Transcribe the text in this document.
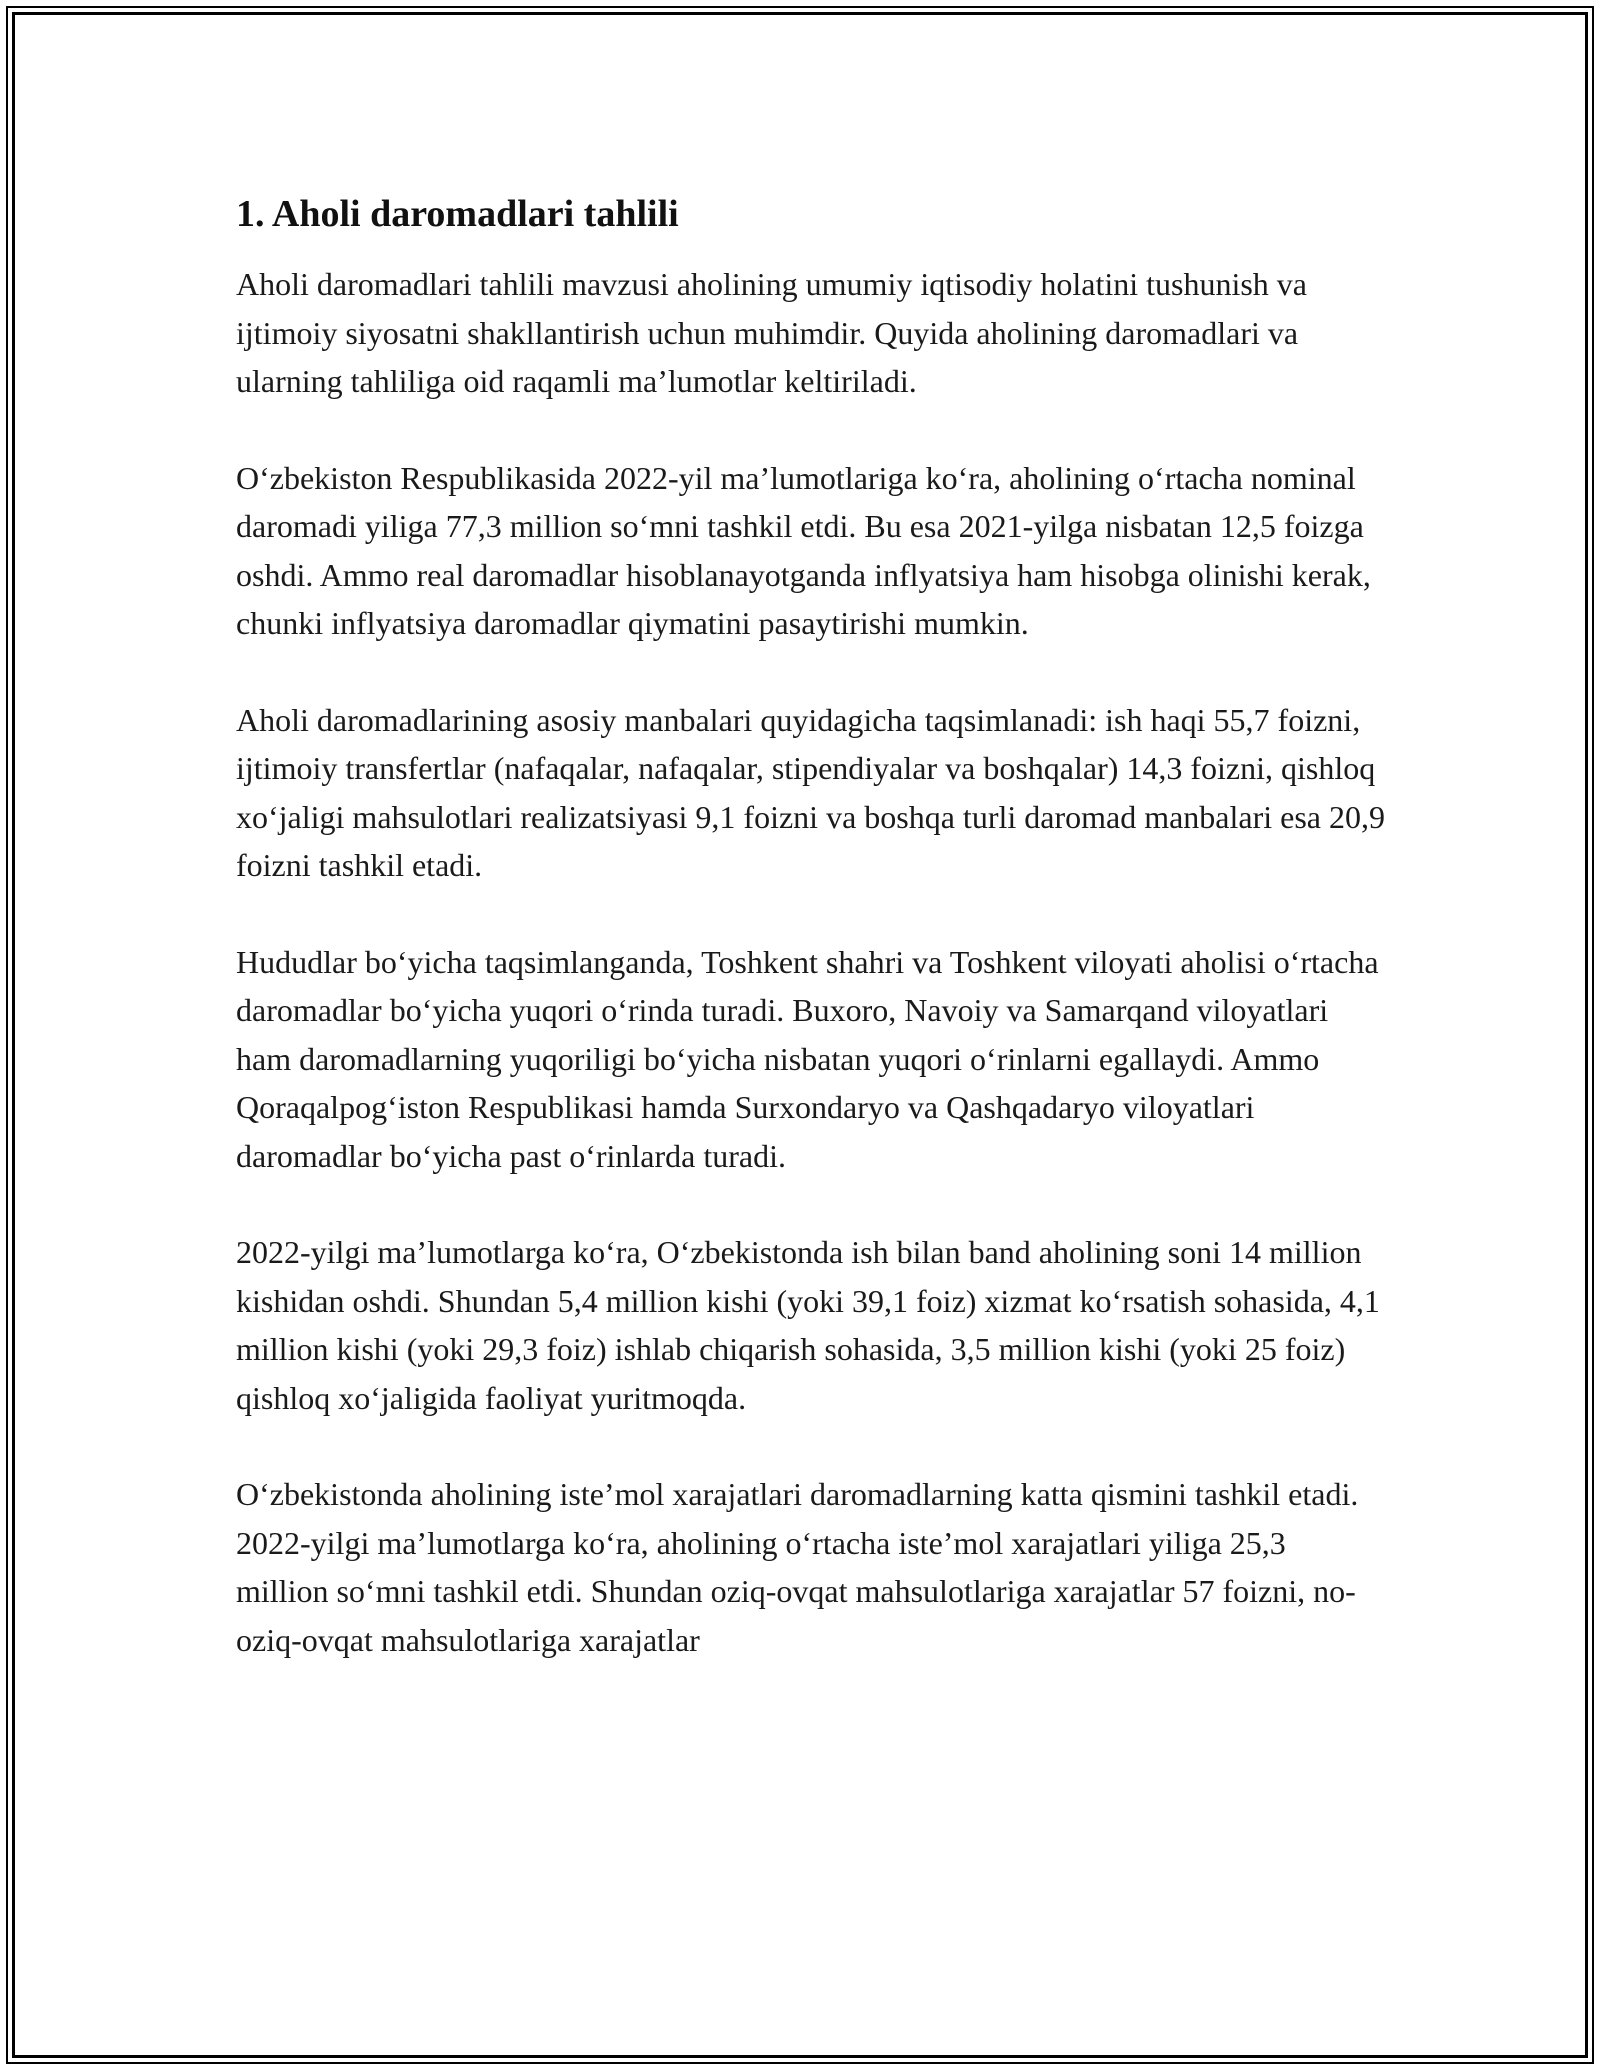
1. Aholi daromadlari tahlili

Aholi daromadlari tahlili mavzusi aholining umumiy iqtisodiy holatini tushunish va ijtimoiy siyosatni shakllantirish uchun muhimdir. Quyida aholining daromadlari va ularning tahliliga oid raqamli ma’lumotlar keltiriladi.

O‘zbekiston Respublikasida 2022-yil ma’lumotlariga ko‘ra, aholining o‘rtacha nominal daromadi yiliga 77,3 million so‘mni tashkil etdi. Bu esa 2021-yilga nisbatan 12,5 foizga oshdi. Ammo real daromadlar hisoblanayotganda inflyatsiya ham hisobga olinishi kerak, chunki inflyatsiya daromadlar qiymatini pasaytirishi mumkin.

Aholi daromadlarining asosiy manbalari quyidagicha taqsimlanadi: ish haqi 55,7 foizni, ijtimoiy transfertlar (nafaqalar, nafaqalar, stipendiyalar va boshqalar) 14,3 foizni, qishloq xo‘jaligi mahsulotlari realizatsiyasi 9,1 foizni va boshqa turli daromad manbalari esa 20,9 foizni tashkil etadi.

Hududlar bo‘yicha taqsimlanganda, Toshkent shahri va Toshkent viloyati aholisi o‘rtacha daromadlar bo‘yicha yuqori o‘rinda turadi. Buxoro, Navoiy va Samarqand viloyatlari ham daromadlarning yuqoriligi bo‘yicha nisbatan yuqori o‘rinlarni egallaydi. Ammo Qoraqalpog‘iston Respublikasi hamda Surxondaryo va Qashqadaryo viloyatlari daromadlar bo‘yicha past o‘rinlarda turadi.

2022-yilgi ma’lumotlarga ko‘ra, O‘zbekistonda ish bilan band aholining soni 14 million kishidan oshdi. Shundan 5,4 million kishi (yoki 39,1 foiz) xizmat ko‘rsatish sohasida, 4,1 million kishi (yoki 29,3 foiz) ishlab chiqarish sohasida, 3,5 million kishi (yoki 25 foiz) qishloq xo‘jaligida faoliyat yuritmoqda.

O‘zbekistonda aholining iste’mol xarajatlari daromadlarning katta qismini tashkil etadi. 2022-yilgi ma’lumotlarga ko‘ra, aholining o‘rtacha iste’mol xarajatlari yiliga 25,3 million so‘mni tashkil etdi. Shundan oziq-ovqat mahsulotlariga xarajatlar 57 foizni, no-oziq-ovqat mahsulotlariga xarajatlar
